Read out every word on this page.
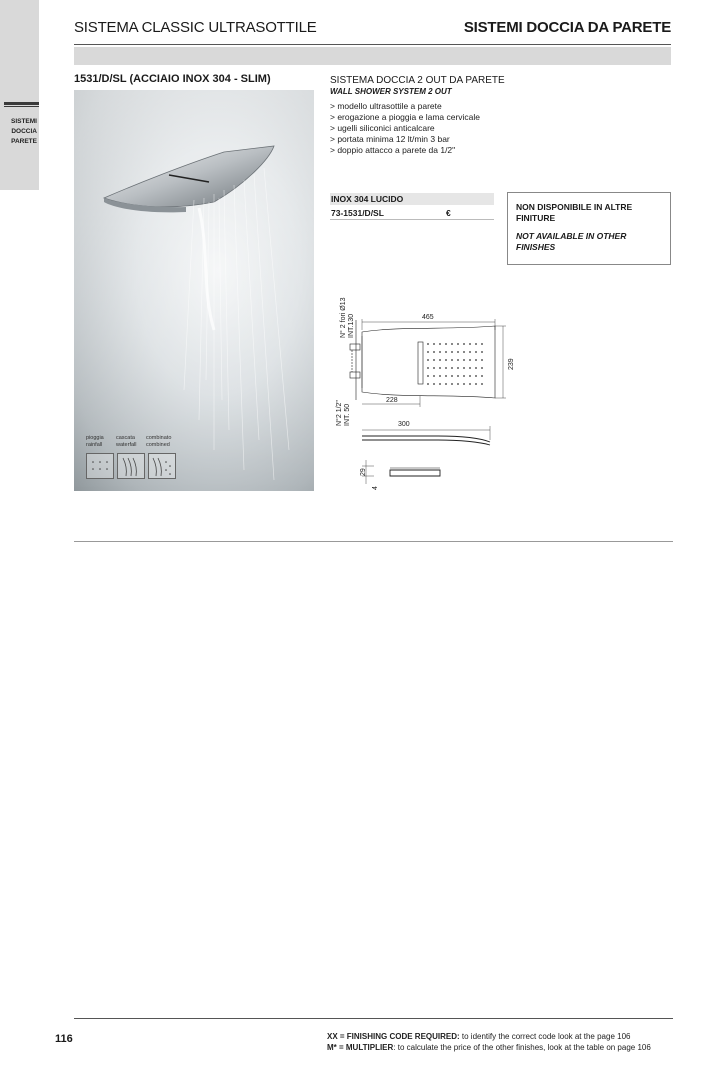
SISTEMI
DOCCIA
PARETE
SISTEMA CLASSIC ULTRASOTTILE	SISTEMI DOCCIA DA PARETE
1531/D/SL (ACCIAIO INOX 304 - SLIM)
pioggia
rainfall
cascata
waterfall
combinato
combined
SISTEMA DOCCIA 2 OUT DA PARETE
WALL SHOWER SYSTEM 2 OUT
> modello ultrasottile a parete
> erogazione a pioggia e lama cervicale
> ugelli siliconici anticalcare
> portata minima 12 lt/min 3 bar
> doppio attacco a parete da 1/2"
INOX 304 LUCIDO
73-1531/D/SL	€
NON DISPONIBILE IN ALTRE FINITURE
NOT AVAILABLE IN OTHER FINISHES
N° 2 fori Ø13 INT.130
N°2 1/2" INT. 50
465
239
228
300
29
4
116	XX = FINISHING CODE REQUIRED: to identify the correct code look at the page 106
M* = MULTIPLIER: to calculate the price of the other finishes, look at the table on page 106
